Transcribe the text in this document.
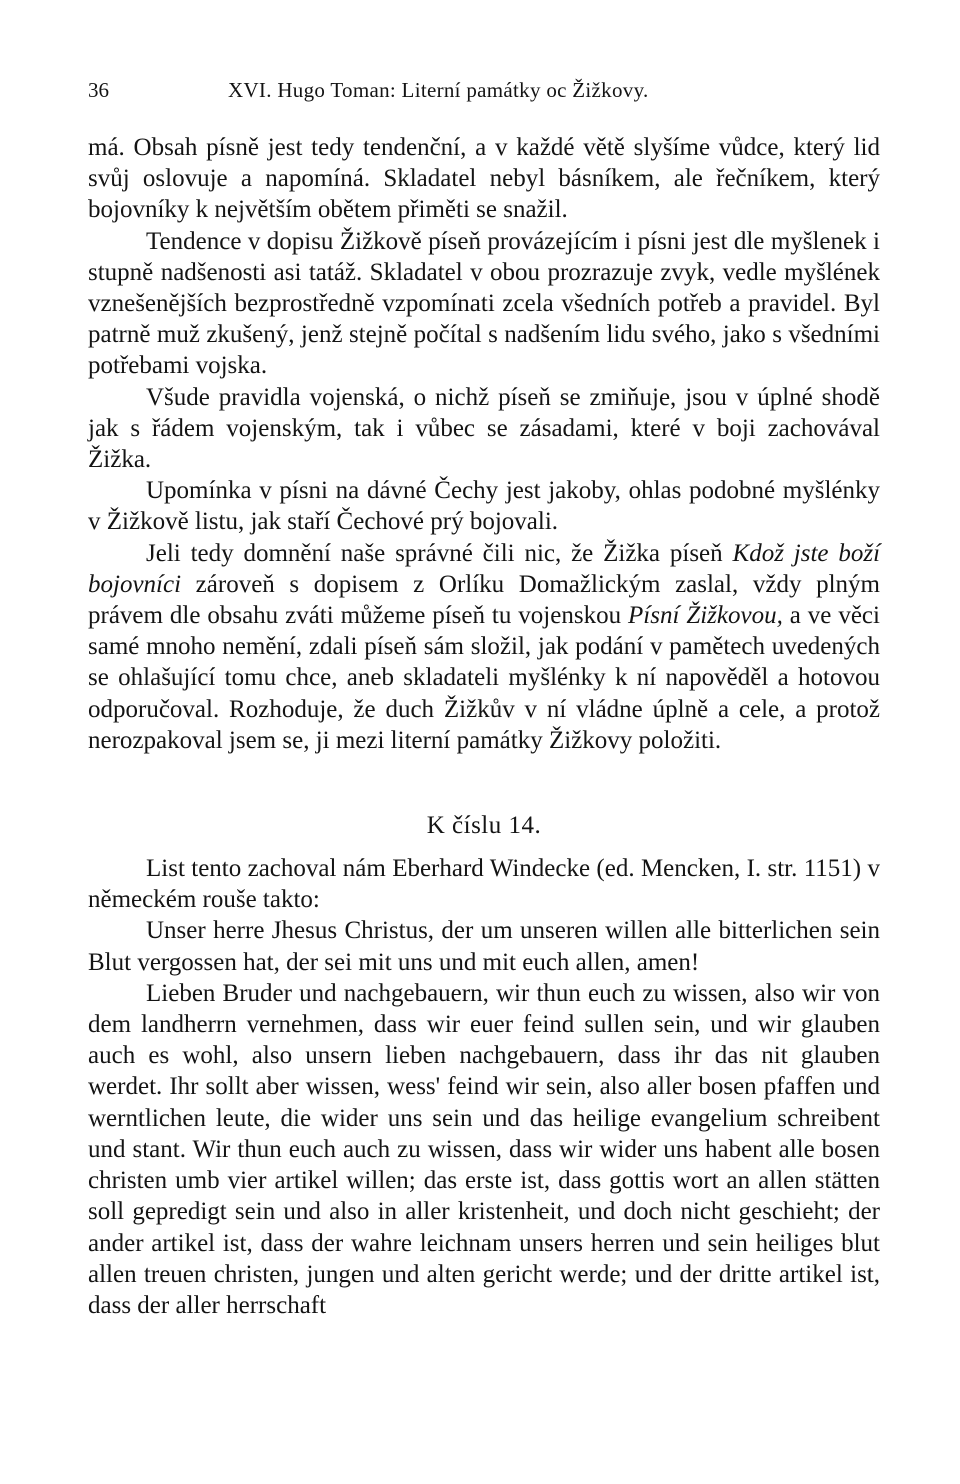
36	XVI. Hugo Toman: Literní památky oc Žižkovy.

má. Obsah písně jest tedy tendenční, a v každé větě slyšíme vůdce, který lid svůj oslovuje a napomíná. Skladatel nebyl básníkem, ale řečníkem, který bojovníky k největším obětem přiměti se snažil.

Tendence v dopisu Žižkově píseň provázejícím i písni jest dle myšlenek i stupně nadšenosti asi tatáž. Skladatel v obou prozrazuje zvyk, vedle myšlének vznešenějších bezprostředně vzpomínati zcela všedních potřeb a pravidel. Byl patrně muž zkušený, jenž stejně počítal s nadšením lidu svého, jako s všedními potřebami vojska.

Všude pravidla vojenská, o nichž píseň se zmiňuje, jsou v úplné shodě jak s řádem vojenským, tak i vůbec se zásadami, které v boji zachovával Žižka.

Upomínka v písni na dávné Čechy jest jakoby, ohlas podobné myšlénky v Žižkově listu, jak staří Čechové prý bojovali.

Jeli tedy domnění naše správné čili nic, že Žižka píseň Kdož jste boží bojovníci zároveň s dopisem z Orlíku Domažlickým zaslal, vždy plným právem dle obsahu zváti můžeme píseň tu vojenskou Písní Žižkovou, a ve věci samé mnoho nemění, zdali píseň sám složil, jak podání v pamětech uvedených se ohlašující tomu chce, aneb skladateli myšlénky k ní napověděl a hotovou odporučoval. Rozhoduje, že duch Žižkův v ní vládne úplně a cele, a protož nerozpakoval jsem se, ji mezi literní památky Žižkovy položiti.

K číslu 14.

List tento zachoval nám Eberhard Windecke (ed. Mencken, I. str. 1151) v německém rouše takto:

Unser herre Jhesus Christus, der um unseren willen alle bitterlichen sein Blut vergossen hat, der sei mit uns und mit euch allen, amen!

Lieben Bruder und nachgebauern, wir thun euch zu wissen, also wir von dem landherrn vernehmen, dass wir euer feind sullen sein, und wir glauben auch es wohl, also unsern lieben nachgebauern, dass ihr das nit glauben werdet. Ihr sollt aber wissen, wess' feind wir sein, also aller bosen pfaffen und werntlichen leute, die wider uns sein und das heilige evangelium schreibent und stant. Wir thun euch auch zu wissen, dass wir wider uns habent alle bosen christen umb vier artikel willen; das erste ist, dass gottis wort an allen stätten soll gepredigt sein und also in aller kristenheit, und doch nicht geschieht; der ander artikel ist, dass der wahre leichnam unsers herren und sein heiliges blut allen treuen christen, jungen und alten gericht werde; und der dritte artikel ist, dass der aller herrschaft
